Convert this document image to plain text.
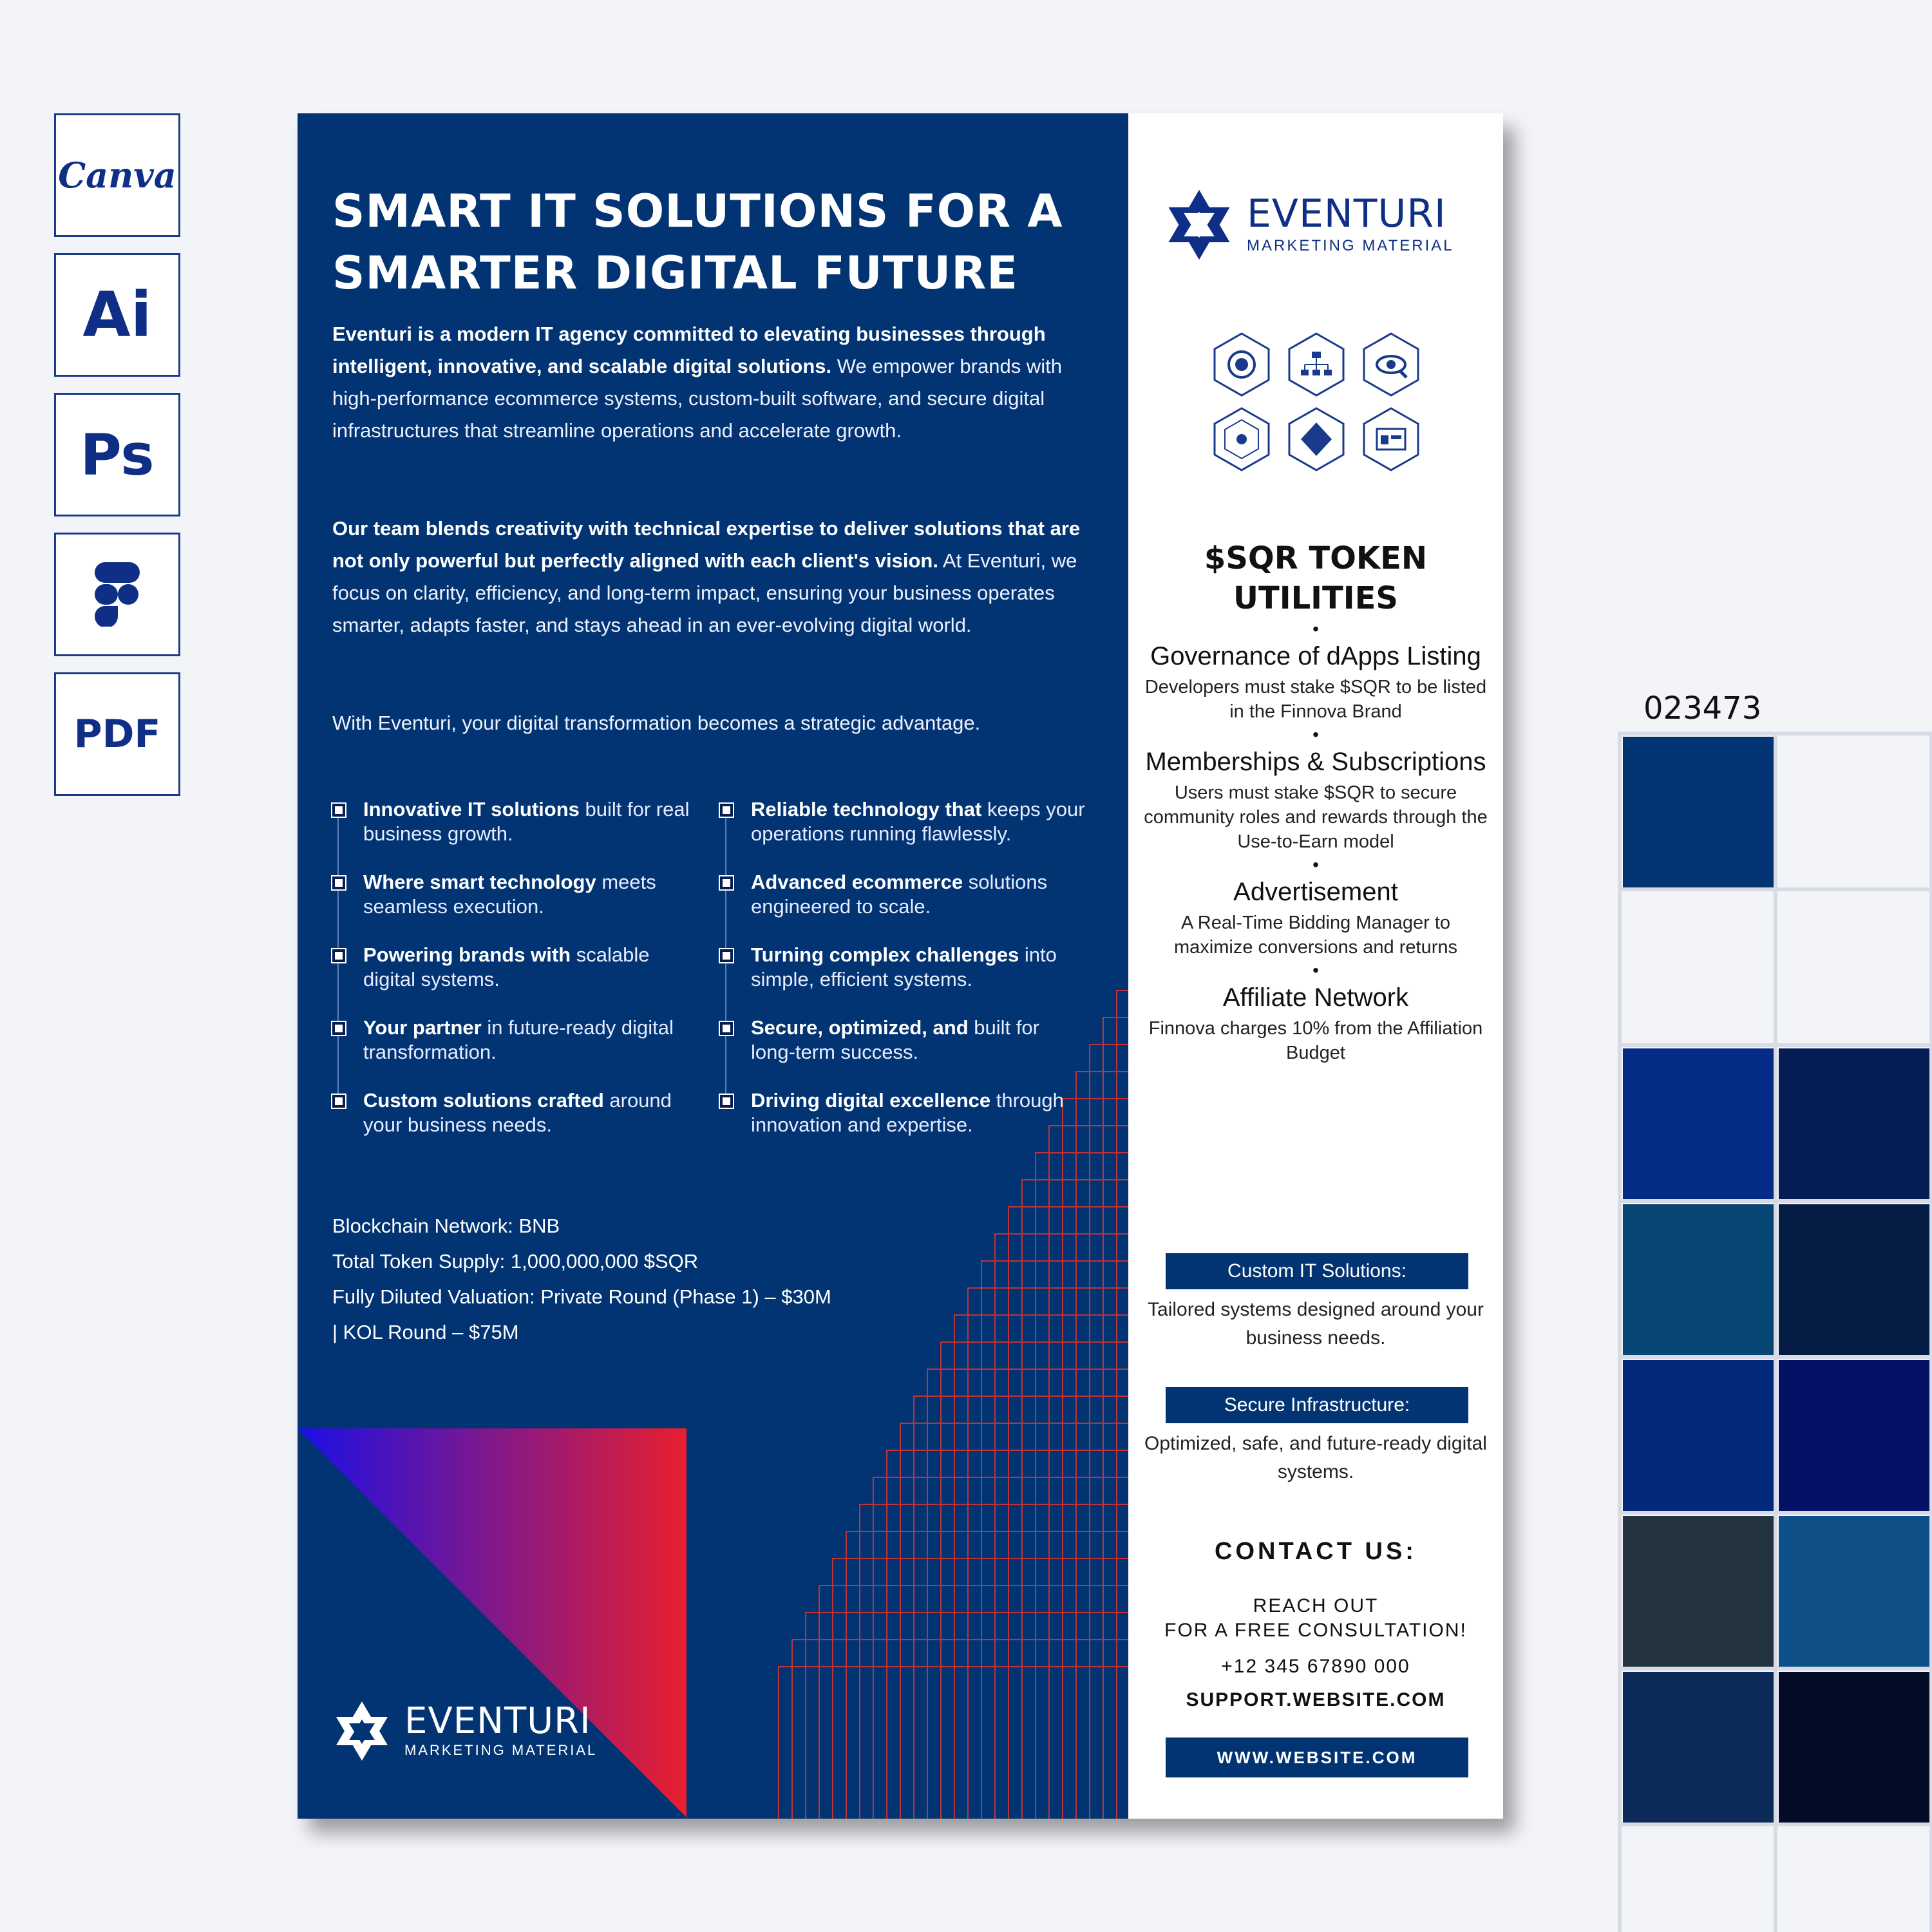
Canva
Ai
Ps
PDF
SMART IT SOLUTIONS FOR A
SMARTER DIGITAL FUTURE

Eventuri is a modern IT agency committed to elevating businesses through intelligent, innovative, and scalable digital solutions. We empower brands with high-performance ecommerce systems, custom-built software, and secure digital infrastructures that streamline operations and accelerate growth.

Our team blends creativity with technical expertise to deliver solutions that are not only powerful but perfectly aligned with each client's vision. At Eventuri, we focus on clarity, efficiency, and long-term impact, ensuring your business operates smarter, adapts faster, and stays ahead in an ever-evolving digital world.

With Eventuri, your digital transformation becomes a strategic advantage.

Innovative IT solutions built for real business growth.
Where smart technology meets seamless execution.
Powering brands with scalable digital systems.
Your partner in future-ready digital transformation.
Custom solutions crafted around your business needs.
Reliable technology that keeps your operations running flawlessly.
Advanced ecommerce solutions engineered to scale.
Turning complex challenges into simple, efficient systems.
Secure, optimized, and built for long-term success.
Driving digital excellence through innovation and expertise.
Blockchain Network: BNB
Total Token Supply: 1,000,000,000 $SQR
Fully Diluted Valuation: Private Round (Phase 1) – $30M
| KOL Round – $75M
EVENTURI
MARKETING MATERIAL
EVENTURI
MARKETING MATERIAL
$SQR TOKEN
UTILITIES
•
Governance of dApps Listing
Developers must stake $SQR to be listed in the Finnova Brand
•
Memberships & Subscriptions
Users must stake $SQR to secure community roles and rewards through the Use-to-Earn model
•
Advertisement
A Real-Time Bidding Manager to maximize conversions and returns
•
Affiliate Network
Finnova charges 10% from the Affiliation Budget
Custom IT Solutions:
Tailored systems designed around your business needs.
Secure Infrastructure:
Optimized, safe, and future-ready digital systems.
CONTACT US:
REACH OUT
FOR A FREE CONSULTATION!
+12 345 67890 000
SUPPORT.WEBSITE.COM
WWW.WEBSITE.COM
023473
